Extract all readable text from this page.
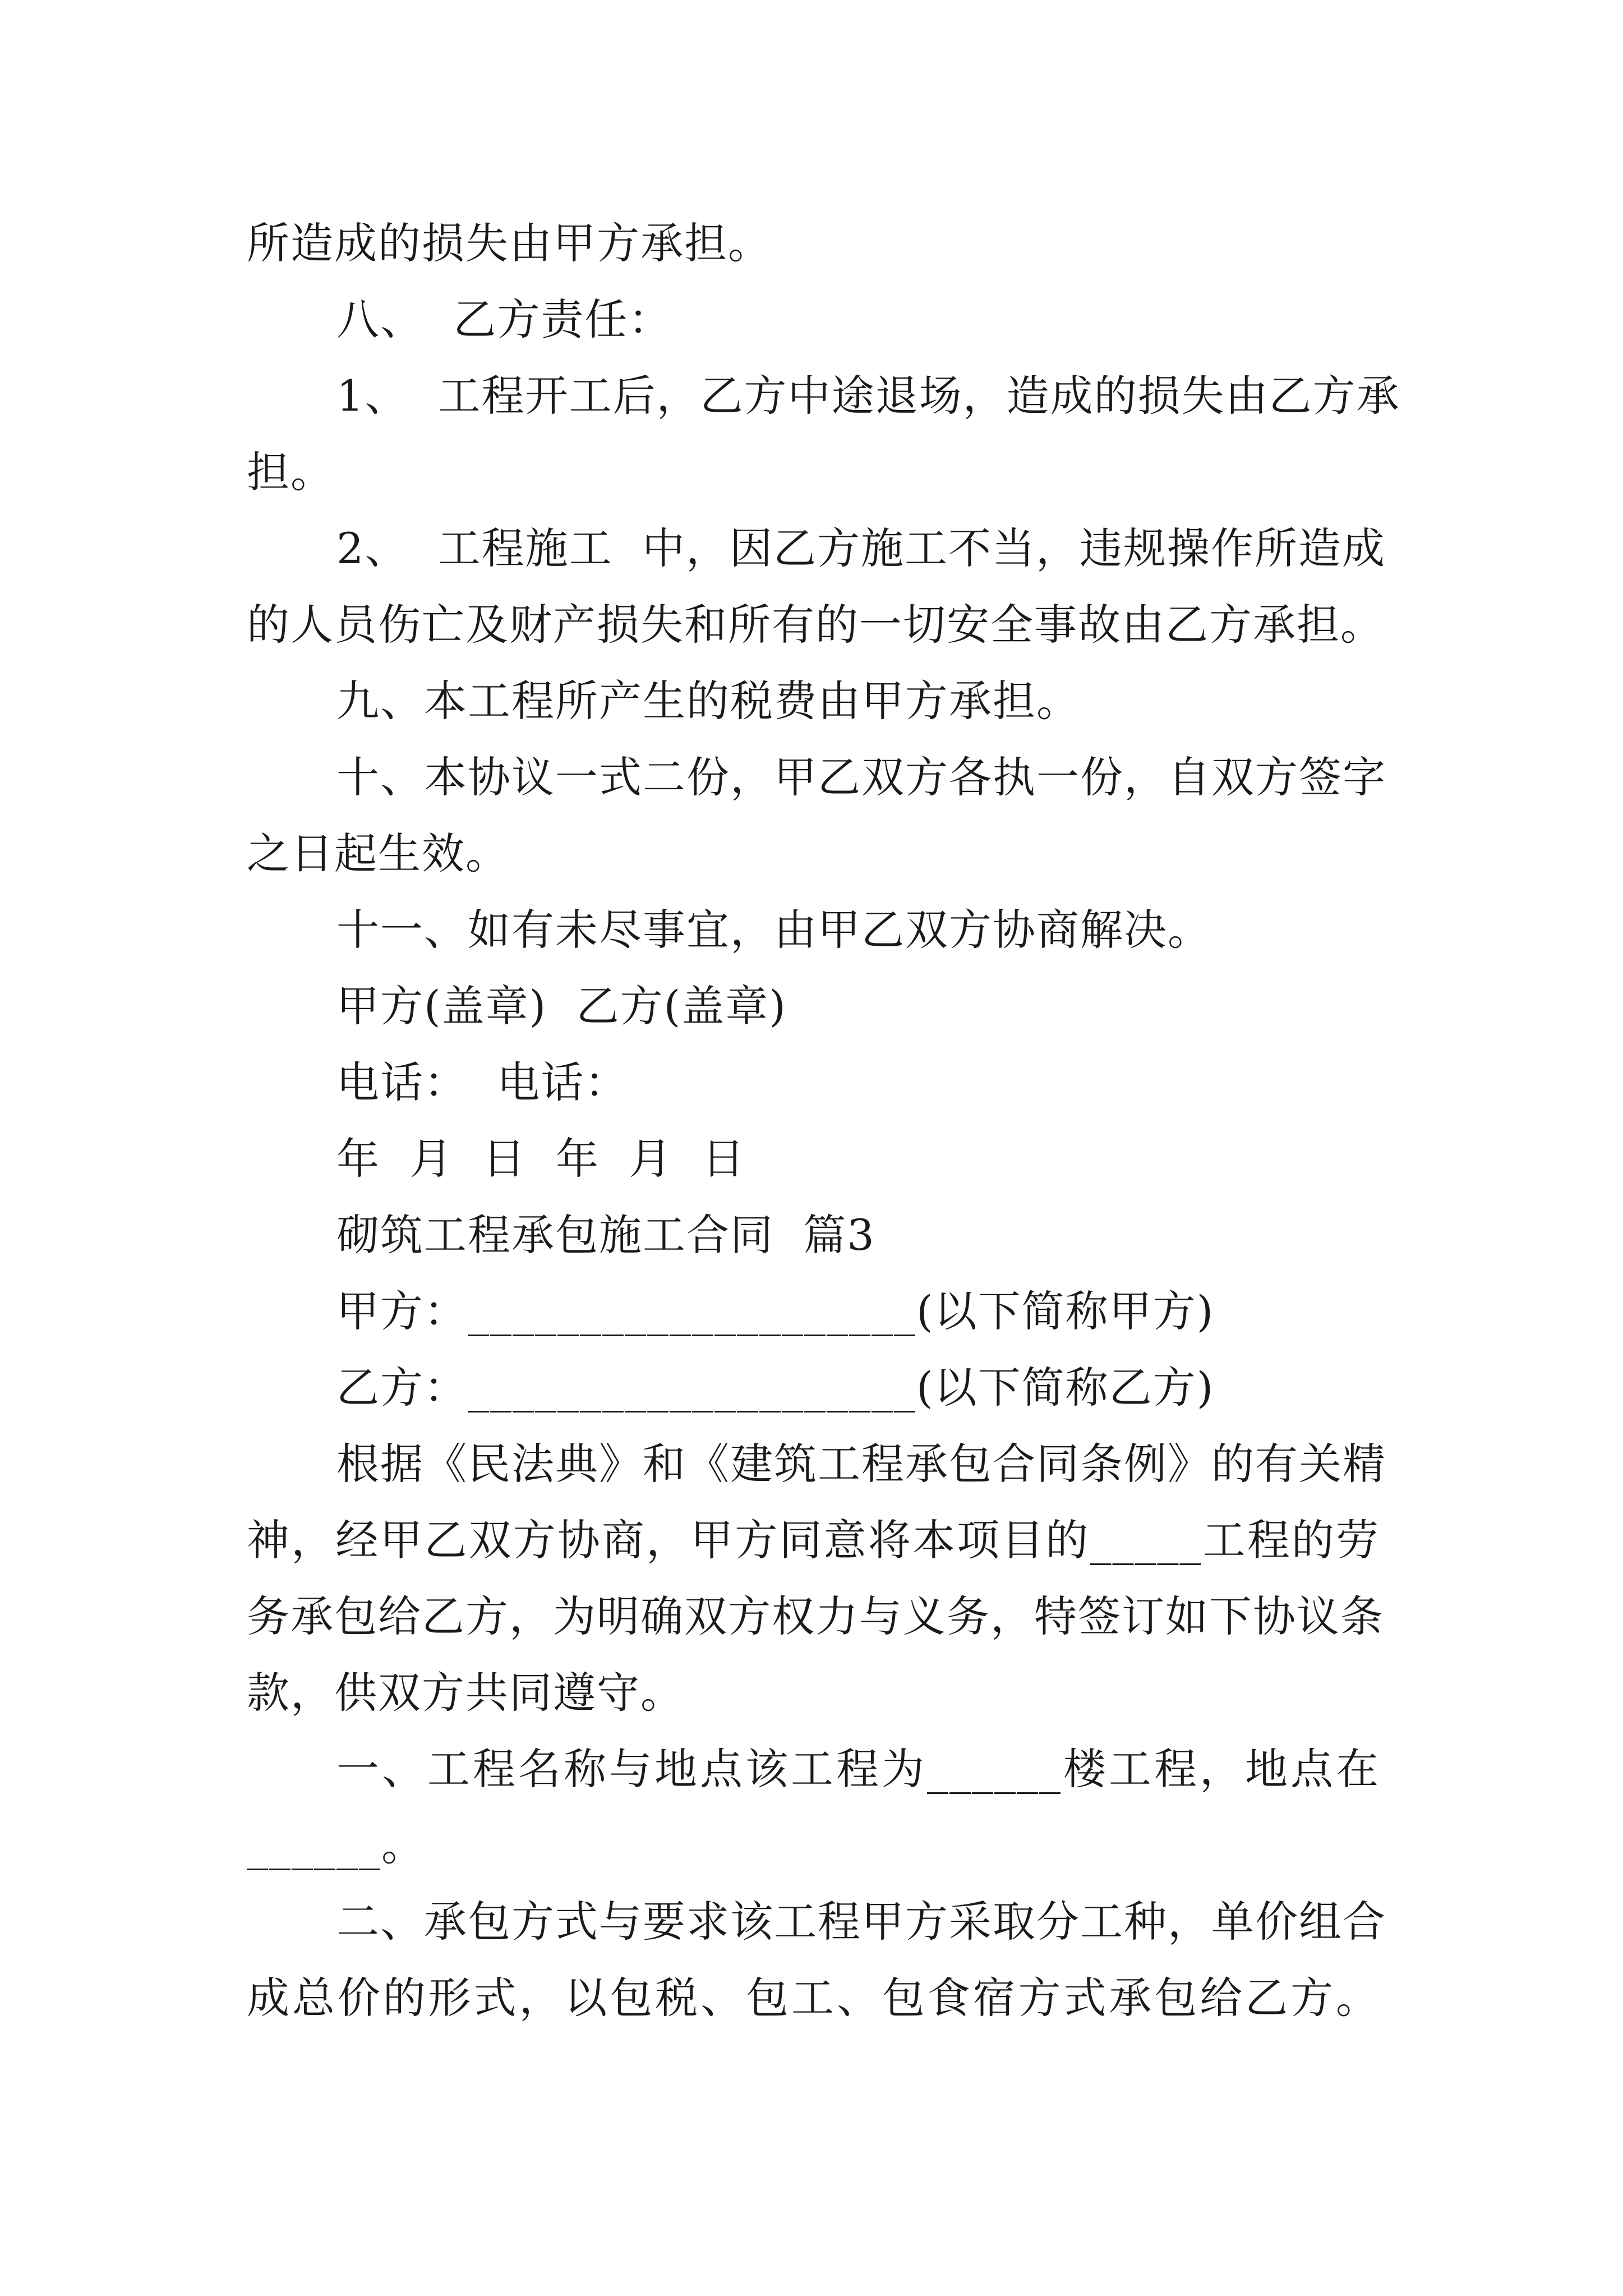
所造成的损失由甲方承担。
八、  乙方责任：
1、  工程开工后，乙方中途退场，造成的损失由乙方承
担。
2、  工程施工  中，因乙方施工不当，违规操作所造成
的人员伤亡及财产损失和所有的一切安全事故由乙方承担。
九、本工程所产生的税费由甲方承担。
十、本协议一式二份，甲乙双方各执一份，自双方签字
之日起生效。
十一、如有未尽事宜，由甲乙双方协商解决。
甲方(盖章)  乙方(盖章)
电话：  电话：
年  月  日  年  月  日
砌筑工程承包施工合同  篇3
甲方：____________________(以下简称甲方)
乙方：____________________(以下简称乙方)
根据《民法典》和《建筑工程承包合同条例》的有关精
神，经甲乙双方协商，甲方同意将本项目的_____工程的劳
务承包给乙方，为明确双方权力与义务，特签订如下协议条
款，供双方共同遵守。
一、工程名称与地点该工程为______楼工程，地点在
______。
二、承包方式与要求该工程甲方采取分工种，单价组合
成总价的形式，以包税、包工、包食宿方式承包给乙方。
